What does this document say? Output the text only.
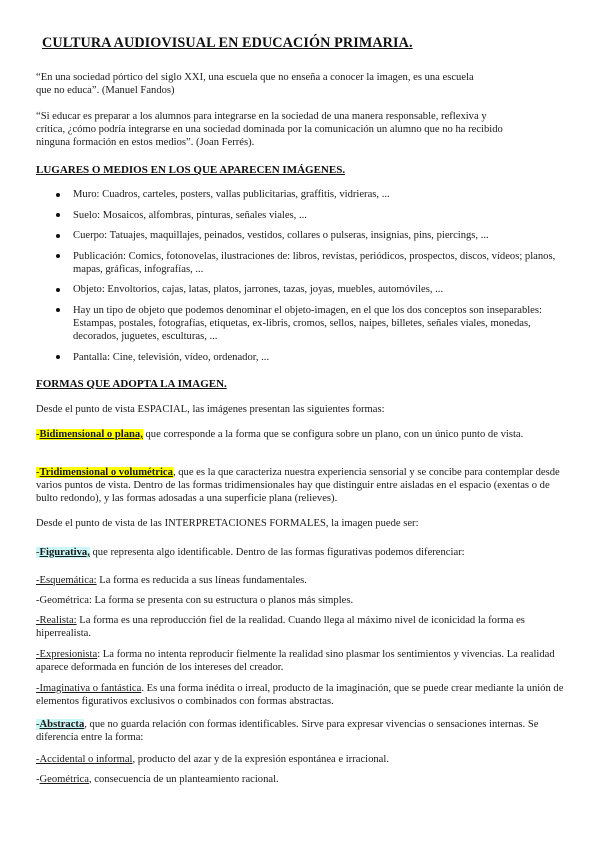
CULTURA AUDIOVISUAL EN EDUCACIÓN PRIMARIA.
“En una sociedad pórtico del siglo XXI, una escuela que no enseña a conocer la imagen, es una escuela
que no educa”. (Manuel Fandos)
“Si educar es preparar a los alumnos para integrarse en la sociedad de una manera responsable, reflexiva y
crítica, ¿cómo podría integrarse en una sociedad dominada por la comunicación un alumno que no ha recibido
ninguna formación en estos medios”. (Joan Ferrés).
LUGARES O MEDIOS EN LOS QUE APARECEN IMÁGENES.
Muro: Cuadros, carteles, posters, vallas publicitarias, graffitis, vidrieras, ...
Suelo: Mosaicos, alfombras, pinturas, señales viales, ...
Cuerpo: Tatuajes, maquillajes, peinados, vestidos, collares o pulseras, insignias, pins, piercings, ...
Publicación: Comics, fotonovelas, ilustraciones de: libros, revistas, periódicos, prospectos, discos, vídeos; planos, mapas, gráficas, infografías, ...
Objeto: Envoltorios, cajas, latas, platos, jarrones, tazas, joyas, muebles, automóviles, ...
Hay un tipo de objeto que podemos denominar el objeto-imagen, en el que los dos conceptos son inseparables: Estampas, postales, fotografías, etiquetas, ex-libris, cromos, sellos, naipes, billetes, señales viales, monedas, decorados, juguetes, esculturas, ...
Pantalla: Cine, televisión, vídeo, ordenador, ...
FORMAS QUE ADOPTA LA IMAGEN.
Desde el punto de vista ESPACIAL, las imágenes presentan las siguientes formas:
-Bidimensional o plana, que corresponde a la forma que se configura sobre un plano, con un único punto de vista.
-Tridimensional o volumétrica, que es la que caracteriza nuestra experiencia sensorial y se concibe para contemplar desde varios puntos de vista. Dentro de las formas tridimensionales hay que distinguir entre aisladas en el espacio (exentas o de bulto redondo), y las formas adosadas a una superficie plana (relieves).
Desde el punto de vista de las INTERPRETACIONES FORMALES, la imagen puede ser:
-Figurativa, que representa algo identificable. Dentro de las formas figurativas podemos diferenciar:
-Esquemática: La forma es reducida a sus líneas fundamentales.
-Geométrica: La forma se presenta con su estructura o planos más simples.
-Realista: La forma es una reproducción fiel de la realidad. Cuando llega al máximo nivel de iconicidad la forma es hiperrealista.
-Expresionista: La forma no intenta reproducir fielmente la realidad sino plasmar los sentimientos y vivencias. La realidad aparece deformada en función de los intereses del creador.
-Imaginativa o fantástica. Es una forma inédita o irreal, producto de la imaginación, que se puede crear mediante la unión de elementos figurativos exclusivos o combinados con formas abstractas.
-Abstracta, que no guarda relación con formas identificables. Sirve para expresar vivencias o sensaciones internas. Se diferencia entre la forma:
-Accidental o informal, producto del azar y de la expresión espontánea e irracional.
-Geométrica, consecuencia de un planteamiento racional.
